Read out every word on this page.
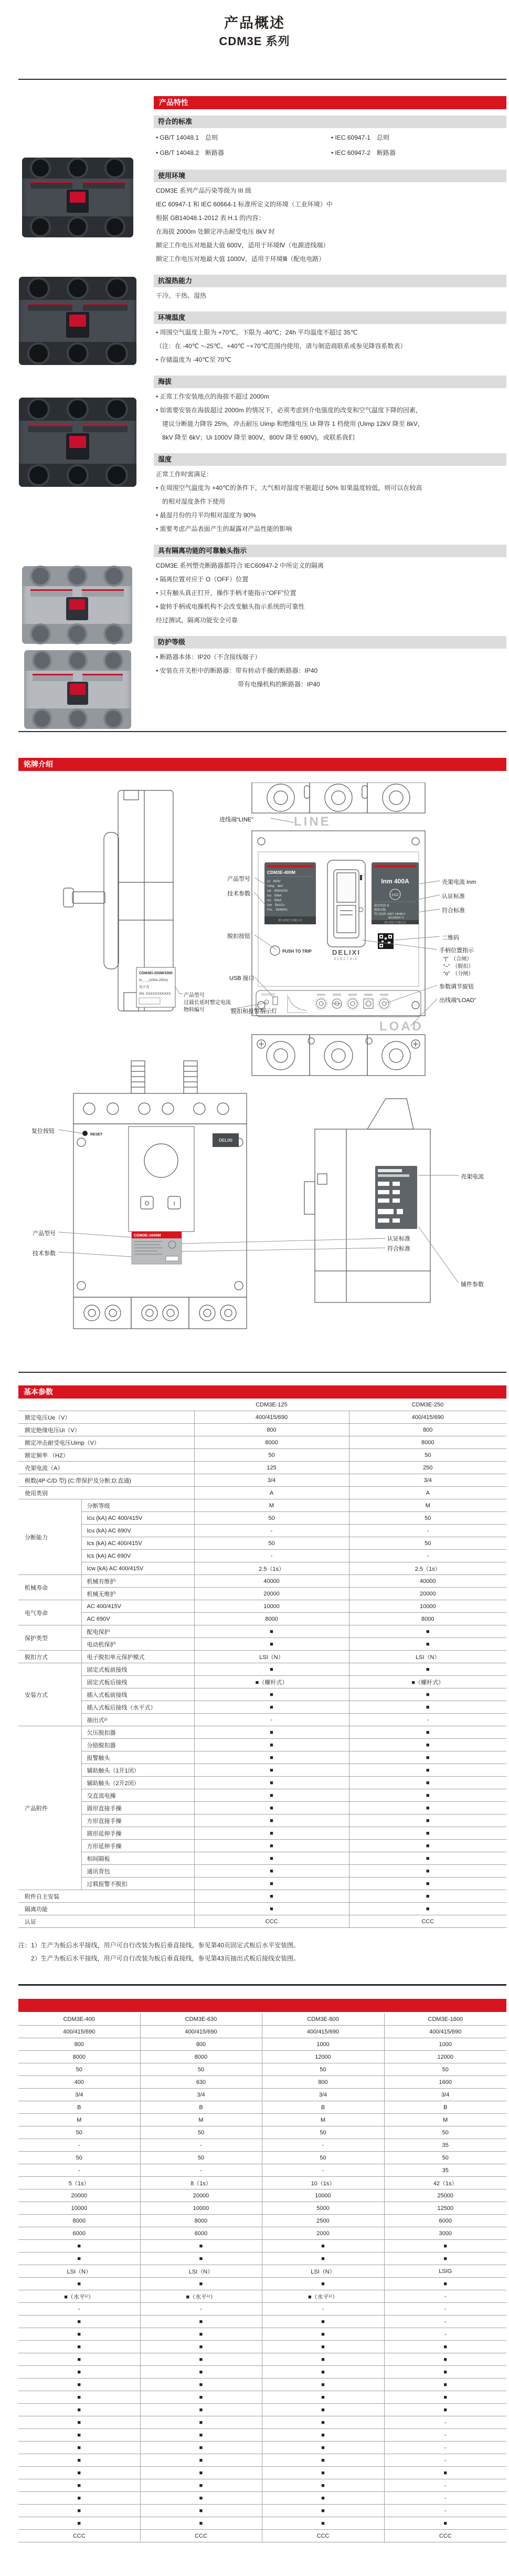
产品概述
CDM3E 系列
产品特性
符合的标准
• GB/T 14048.1　总则	• IEC 60947-1　总则
• GB/T 14048.2　断路器	• IEC 60947-2　断路器
使用环境
CDM3E 系列产品污染等级为 III 级
IEC 60947-1 和 IEC 60664-1 标准所定义的环境（工业环境）中
根据 GB14048.1-2012 表 H.1 的内容：
在海拔 2000m 处额定冲击耐受电压 8kV 时
额定工作电压对地最大值 600V，适用于环境Ⅳ（电源进线端）
额定工作电压对地最大值 1000V，适用于环境Ⅲ（配电电路）
抗湿热能力
干冷、干热、湿热
环境温度
• 周围空气温度上限为 +70℃，下限为 -40℃；24h 平均温度不超过 35℃
（注：在 -40℃ ~-25℃、+40℃ ~+70℃范围内使用，请与制造商联系或参见降容系数表）
• 存储温度为 -40℃至 70℃
海拔
• 正常工作安装地点的海拔不超过 2000m
• 如需要安装在海拔超过 2000m 的情况下，必须考虑到介电强度的改变和空气温度下降的因素，
　建议分断能力降容 25%，冲击耐压 Uimp 和绝缘电压 Ui 降容 1 档使用 (Uimp 12kV 降至 8kV，
　8kV 降至 6kV；Ui 1000V 降至 800V，800V 降至 690V)，或联系我们
湿度
正常工作时需满足：
• 在周围空气温度为 +40℃的条件下，大气相对湿度不能超过 50% 如果温度较低，则可以在较高
　的相对湿度条件下使用
• 最湿月份的月平均相对湿度为 90%
• 需要考虑产品表面产生的凝露对产品性能的影响
具有隔离功能的可靠触头指示
CDM3E 系列塑壳断路器都符合 IEC60947-2 中所定义的隔离
• 隔离位置对应于 O（OFF）位置
• 只有触头真正打开，操作手柄才能指示“OFF”位置
• 旋转手柄或电操机构不会改变触头指示系统的可靠性
经过测试，隔离功能安全可靠
防护等级
• 断路器本体：IP20（不含接线端子）
• 安装在开关柜中的断路器：带有转动手操的断路器：IP40
　　　　　　　　　　　　　带有电操机构的断路器：IP40
铭牌介绍
CDM3Ei-250M/3300
In＿＿(100A-250A)
电子式
SN: XXXXXXXXXXX
LINE
CDM3E-400M
Ui　800V
Uimp　8kV
Ue　400/415V
Icu　50kA
Ics　50kA
Icw　5kA/1s
Fre.　50/60Hz
德力西电气有限公司
Inm 400A
CCC
使用类别: B
隔离功能:
符合标准: GB/T 14048.2
IEC60947-2
德力西电气有限公司
PUSH TO TRIP	DELIXI
ELECTRIC
LOAD
RESET
O	I
DELIXI
CDM3E-1600M
进线端“LINE”
产品型号
技术参数
脱扣按钮
USB 接口
产品型号
过载长延时整定电流
物料编号	脱扣和报警指示灯
壳架电流 Inm
认证标准
符合标准
二维码
手柄位置指示
“|”　（合闸）
“–”　（脱扣）
“o”　（分闸）
参数调节旋钮
出线端“LOAD”
复位按钮
产品型号
技术参数
认证标准
符合标准
壳架电流
辅件参数
基本参数
		CDM3E-125	CDM3E-250
额定电压Ue（V）		400/415/690	400/415/690
额定绝缘电压Ui（V）		800	800
额定冲击耐受电压Uimp（V）		8000	8000
额定频率 （HZ）		50	50
壳架电流（A）		125	250
极数(4P-C/D 型) (C:带保护及分断;D:直通)		3/4	3/4
使用类别		A	A
分断能力	分断等级	M	M
	Icu (kA) AC 400/415V	50	50
	Icu (kA) AC 690V	-	-
	Ics (kA) AC 400/415V	50	50
	Ics (kA) AC 690V	-	-
	Icw (kA) AC 400/415V	2.5（1s）	2.5（1s）
机械寿命	机械有维护	40000	40000
	机械无维护	20000	20000
电气寿命	AC 400/415V	10000	10000
	AC 690V	8000	8000
保护类型	配电保护	■	■
	电动机保护	■	■
脱扣方式	电子脱扣单元保护模式	LSI（N）	LSI（N）
安装方式	固定式板前接线	■	■
	固定式板后接线	■（螺杆式）	■（螺杆式）
	插入式板前接线	■	■
	插入式板后接线（水平式）	■	■
	抽出式²⁾	-	-
产品附件	欠压脱扣器	■	■
	分励脱扣器	■	■
	报警触头	■	■
	辅助触头（1开1闭）	■	■
	辅助触头（2开2闭）	■	■
	交直流电操	■	■
	圆形直接手操	■	■
	方形直接手操	■	■
	圆形延伸手操	■	■
	方形延伸手操	■	■
	相间隔板	■	■
	通讯背包	■	■
	过载报警不脱扣	■	■
附件自主安装		■	■
隔离功能		■	■
认证		CCC	CCC
注：1）生产为板后水平接线，用户可自行改装为板后垂直接线，参见第40页固定式板后水平安装图。
　　2）生产为板后水平接线，用户可自行改装为板后垂直接线，参见第43页抽出式板后接线安装图。
CDM3E-400	CDM3E-630	CDM3E-800	CDM3E-1600
400/415/690	400/415/690	400/415/690	400/415/690
800	800	1000	1000
8000	8000	12000	12000
50	50	50	50
400	630	800	1600
3/4	3/4	3/4	3/4
B	B	B	B
M	M	M	M
50	50	50	50
-	-	-	35
50	50	50	50
-	-	-	35
5（1s）	8（1s）	10（1s）	42（1s）
20000	20000	10000	25000
10000	10000	5000	12500
8000	8000	2500	6000
6000	6000	2000	3000
■	■	■	■
■	■	■	■
LSI（N）	LSI（N）	LSI（N）	LSIG
■	■	■	■
■（水平¹⁾）	■（水平¹⁾）	■（水平¹⁾）	-
-	-	-	-
■	■	■	-
■	■	■	-
■	■	■	■
■	■	■	■
■	■	■	■
■	■	■	■
■	■	■	■
■	■	■	■
■	■	■	-
■	■	■	-
■	■	■	-
■	■	■	-
■	■	■	■
■	■	■	-
■	■	■	-
■	■	■	-
■	■	■	■
CCC	CCC	CCC	CCC
